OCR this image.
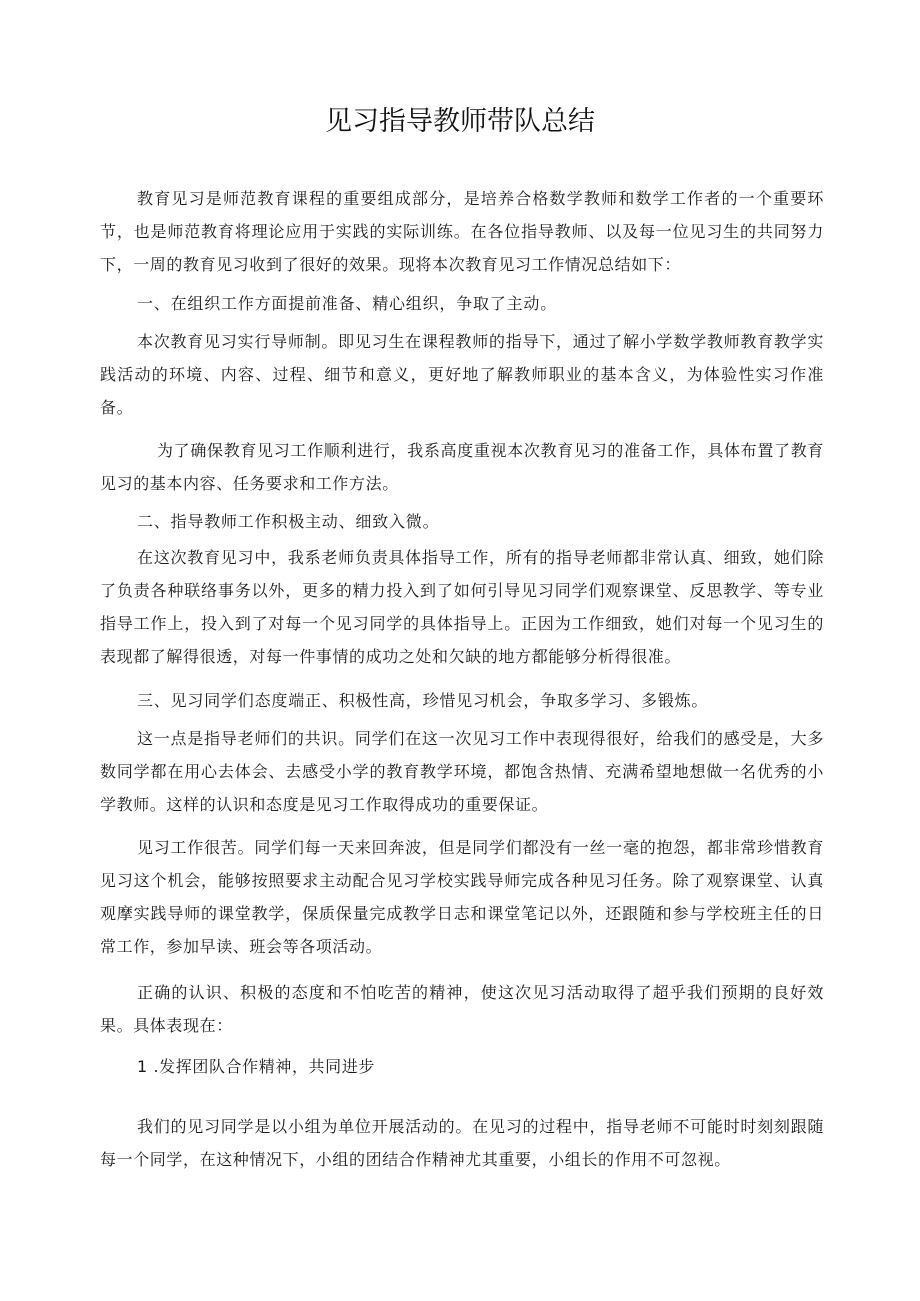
见习指导教师带队总结

教育见习是师范教育课程的重要组成部分，是培养合格数学教师和数学工作者的一个重要环节，也是师范教育将理论应用于实践的实际训练。在各位指导教师、以及每一位见习生的共同努力下，一周的教育见习收到了很好的效果。现将本次教育见习工作情况总结如下：

一、在组织工作方面提前准备、精心组织，争取了主动。

本次教育见习实行导师制。即见习生在课程教师的指导下，通过了解小学数学教师教育教学实践活动的环境、内容、过程、细节和意义，更好地了解教师职业的基本含义，为体验性实习作准备。

为了确保教育见习工作顺利进行，我系高度重视本次教育见习的准备工作，具体布置了教育见习的基本内容、任务要求和工作方法。

二、指导教师工作积极主动、细致入微。

在这次教育见习中，我系老师负责具体指导工作，所有的指导老师都非常认真、细致，她们除了负责各种联络事务以外，更多的精力投入到了如何引导见习同学们观察课堂、反思教学、等专业指导工作上，投入到了对每一个见习同学的具体指导上。正因为工作细致，她们对每一个见习生的表现都了解得很透，对每一件事情的成功之处和欠缺的地方都能够分析得很准。

三、见习同学们态度端正、积极性高，珍惜见习机会，争取多学习、多锻炼。

这一点是指导老师们的共识。同学们在这一次见习工作中表现得很好，给我们的感受是，大多数同学都在用心去体会、去感受小学的教育教学环境，都饱含热情、充满希望地想做一名优秀的小学教师。这样的认识和态度是见习工作取得成功的重要保证。

见习工作很苦。同学们每一天来回奔波，但是同学们都没有一丝一毫的抱怨，都非常珍惜教育见习这个机会，能够按照要求主动配合见习学校实践导师完成各种见习任务。除了观察课堂、认真观摩实践导师的课堂教学，保质保量完成教学日志和课堂笔记以外，还跟随和参与学校班主任的日常工作，参加早读、班会等各项活动。

正确的认识、积极的态度和不怕吃苦的精神，使这次见习活动取得了超乎我们预期的良好效果。具体表现在：

1 .发挥团队合作精神，共同进步

我们的见习同学是以小组为单位开展活动的。在见习的过程中，指导老师不可能时时刻刻跟随每一个同学，在这种情况下，小组的团结合作精神尤其重要，小组长的作用不可忽视。
